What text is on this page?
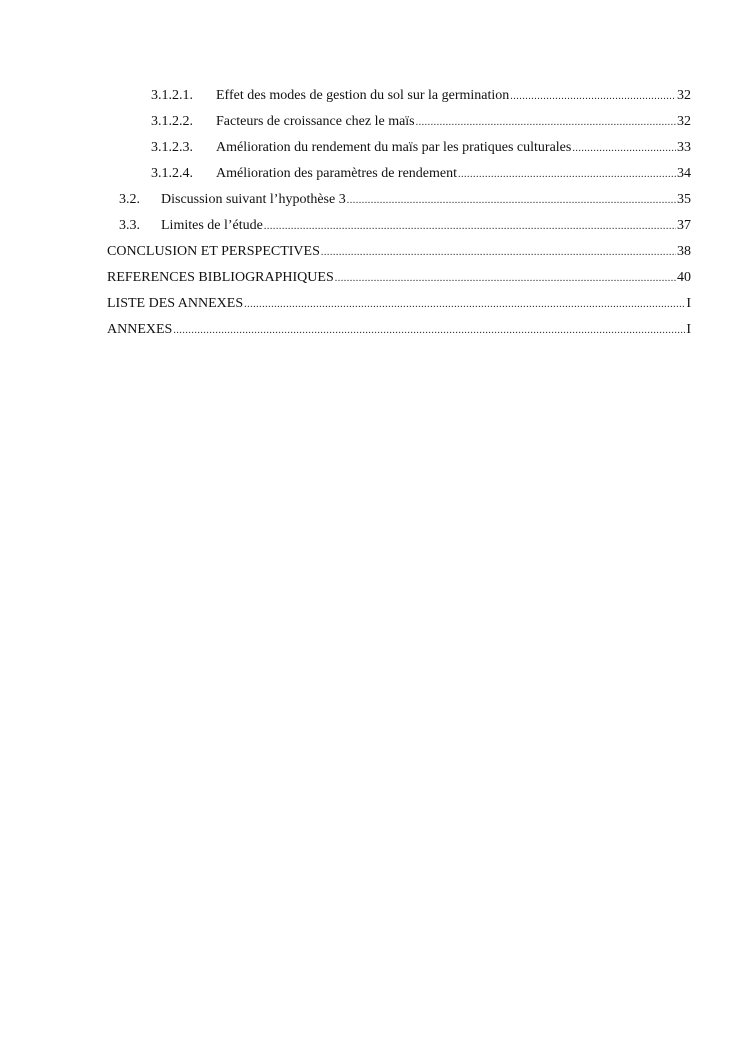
3.1.2.1.	Effet des modes de gestion du sol sur la germination .....	32
3.1.2.2.	Facteurs de croissance chez le maïs .....	32
3.1.2.3.	Amélioration du rendement du maïs par les pratiques culturales .....	33
3.1.2.4.	Amélioration des paramètres de rendement .....	34
3.2.	Discussion suivant l’hypothèse 3 .....	35
3.3.	Limites de l’étude .....	37
CONCLUSION ET PERSPECTIVES .....	38
REFERENCES BIBLIOGRAPHIQUES .....	40
LISTE DES ANNEXES .....	I
ANNEXES .....	I
